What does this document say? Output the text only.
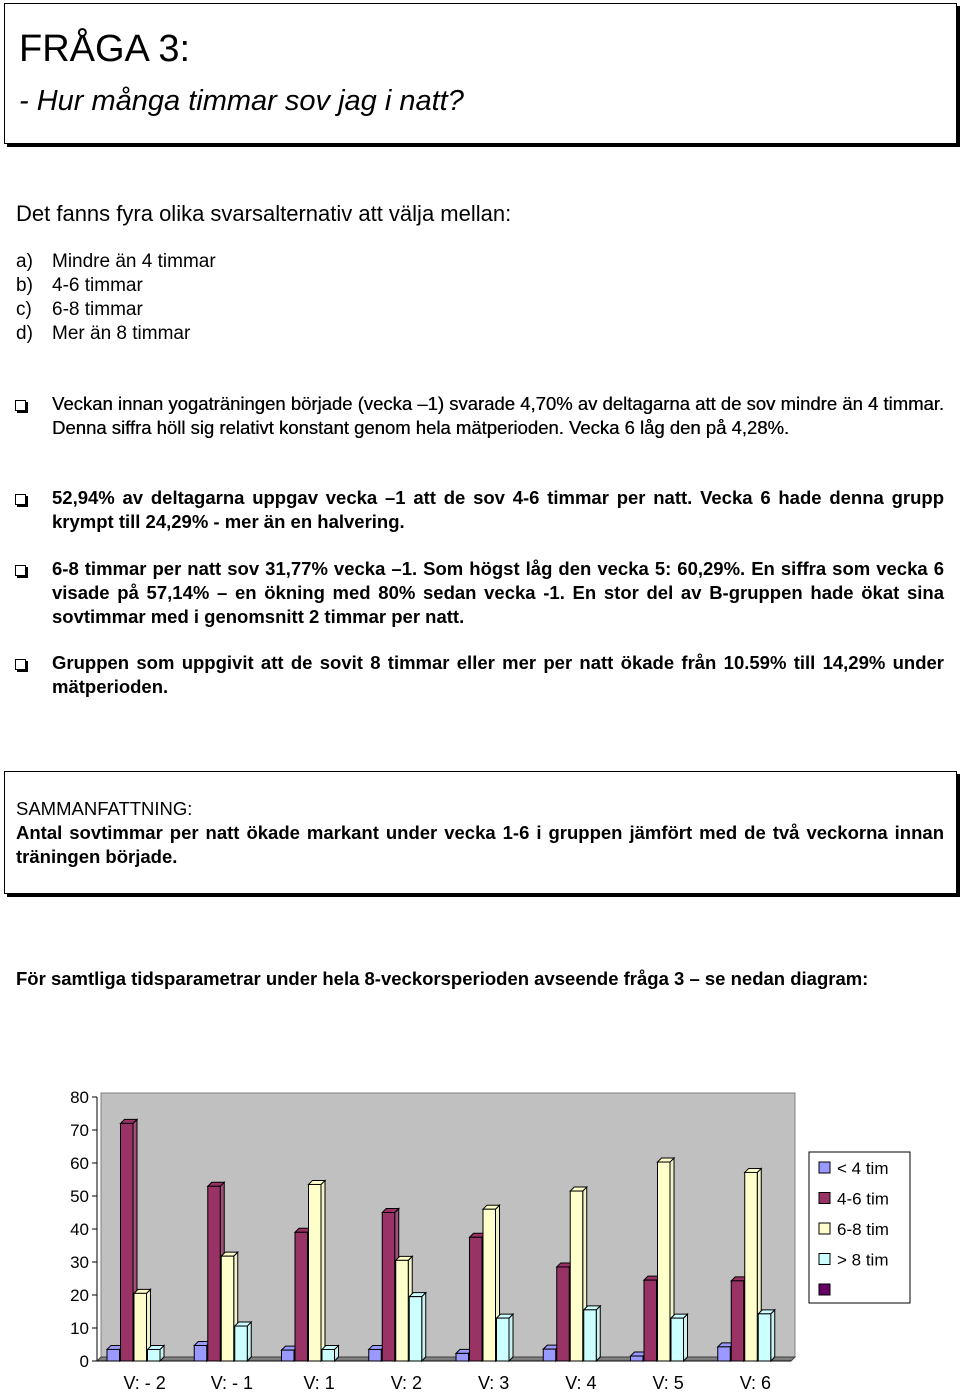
FRÅGA 3:
- Hur många timmar sov jag i natt?
Det fanns fyra olika svarsalternativ att välja mellan:
a) Mindre än 4 timmar
b) 4-6 timmar
c) 6-8 timmar
d) Mer än 8 timmar
Veckan innan yogaträningen började (vecka –1) svarade 4,70% av deltagarna att de sov mindre än 4 timmar. Denna siffra höll sig relativt konstant genom hela mätperioden. Vecka 6 låg den på 4,28%.
52,94% av deltagarna uppgav vecka –1 att de sov 4-6 timmar per natt. Vecka 6 hade denna grupp krympt till 24,29% - mer än en halvering.
6-8 timmar per natt sov 31,77% vecka –1. Som högst låg den vecka 5: 60,29%. En siffra som vecka 6 visade på 57,14% – en ökning med 80% sedan vecka -1. En stor del av B-gruppen hade ökat sina sovtimmar med i genomsnitt 2 timmar per natt.
Gruppen som uppgivit att de sovit 8 timmar eller mer per natt ökade från 10.59% till 14,29% under mätperioden.
SAMMANFATTNING:
Antal sovtimmar per natt ökade markant under vecka 1-6 i gruppen jämfört med de två veckorna innan träningen började.
För samtliga tidsparametrar under hela 8-veckorsperioden avseende fråga 3 – se nedan diagram:
0
10
20
30
40
50
60
70
80
V: - 2 V: - 1	V: 1	V: 2	V: 3	V: 4	V: 5	V: 6
< 4 tim
4-6 tim
6-8 tim
> 8 tim
